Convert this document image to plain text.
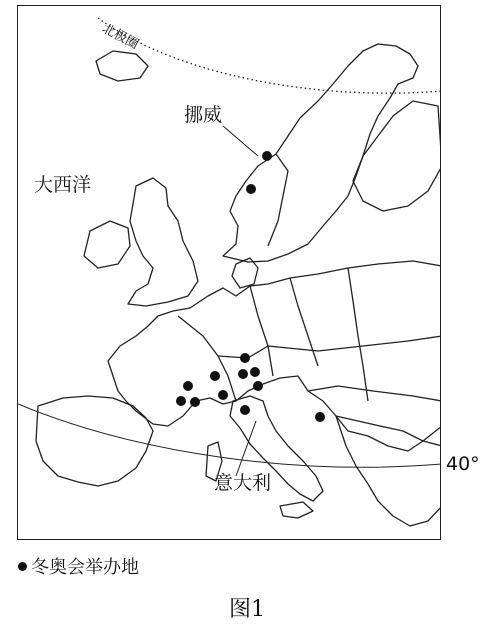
北极圈
大西洋
挪威
意大利
40°
冬奥会举办地
图1
